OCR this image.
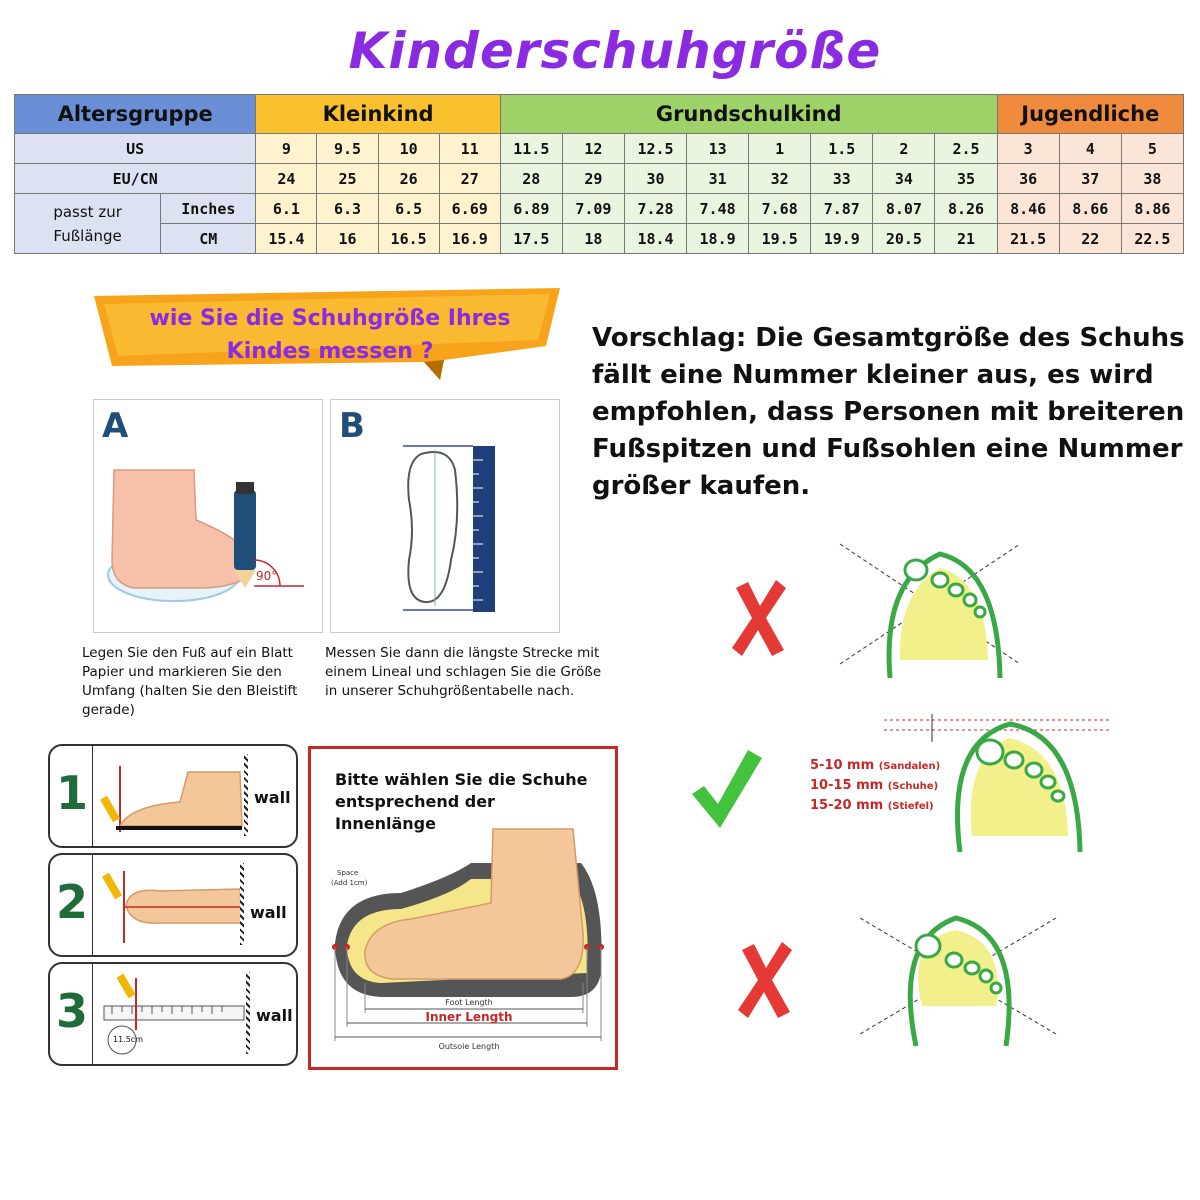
Kinderschuhgröße
Altersgruppe		Kleinkind				Grundschulkind								Jugendliche		
US		9	9.5	10	11	11.5	12	12.5	13	1	1.5	2	2.5	3	4	5
EU/CN		24	25	26	27	28	29	30	31	32	33	34	35	36	37	38

passt zur
Fußlänge	Inches	6.1	6.3	6.5	6.69	6.89	7.09	7.28	7.48	7.68	7.87	8.07	8.26	8.46	8.66	8.86
	CM	15.4	16	16.5	16.9	17.5	18	18.4	18.9	19.5	19.9	20.5	21	21.5	22	22.5
wie Sie die Schuhgröße Ihres
Kindes messen ?
A
90°
Legen Sie den Fuß auf ein Blatt Papier und markieren Sie den Umfang (halten Sie den Bleistift gerade)
B
Messen Sie dann die längste Strecke mit einem Lineal und schlagen Sie die Größe in unserer Schuhgrößentabelle nach.
Vorschlag: Die Gesamtgröße des Schuhs fällt eine Nummer kleiner aus, es wird empfohlen, dass Personen mit breiteren Fußspitzen und Fußsohlen eine Nummer größer kaufen.
1	wall
2	wall
3
11.5cm
wall
Bitte wählen Sie die Schuhe entsprechend der Innenlänge
Foot Length
Inner Length
Outsole Length
Space
(Add 1cm)
5-10 mm (Sandalen)
10-15 mm (Schuhe)
15-20 mm (Stiefel)
